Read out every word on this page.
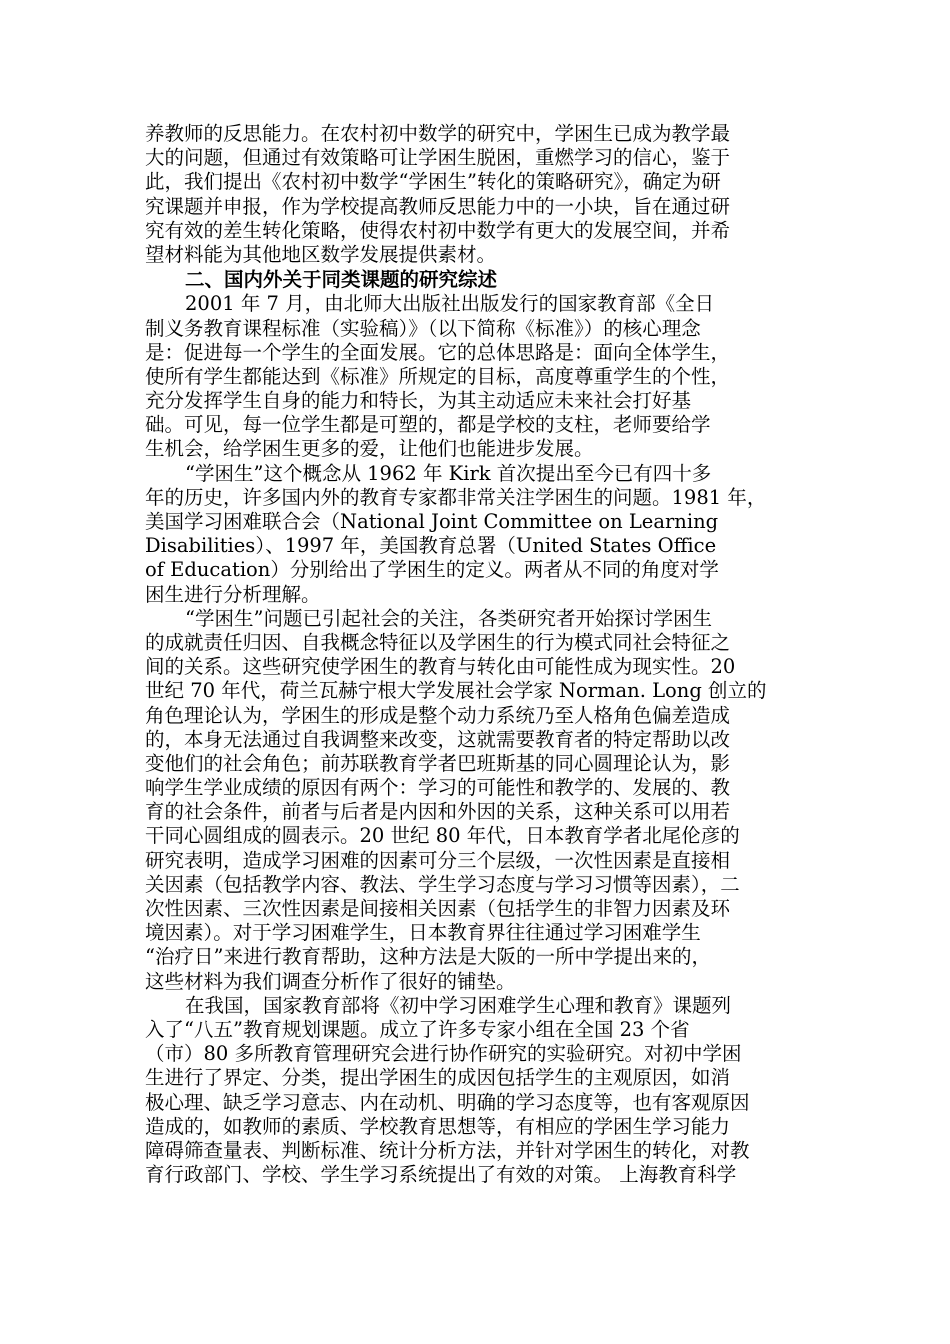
养教师的反思能力。在农村初中数学的研究中，学困生已成为教学最
大的问题，但通过有效策略可让学困生脱困，重燃学习的信心，鉴于
此，我们提出《农村初中数学“学困生”转化的策略研究》，确定为研
究课题并申报，作为学校提高教师反思能力中的一小块，旨在通过研
究有效的差生转化策略，使得农村初中数学有更大的发展空间，并希
望材料能为其他地区数学发展提供素材。
二、国内外关于同类课题的研究综述
2001 年 7 月，由北师大出版社出版发行的国家教育部《全日
制义务教育课程标准（实验稿）》（以下简称《标准》）的核心理念
是：促进每一个学生的全面发展。它的总体思路是：面向全体学生，
使所有学生都能达到《标准》所规定的目标，高度尊重学生的个性，
充分发挥学生自身的能力和特长，为其主动适应未来社会打好基
础。可见，每一位学生都是可塑的，都是学校的支柱，老师要给学
生机会，给学困生更多的爱，让他们也能进步发展。
“学困生”这个概念从 1962 年 Kirk 首次提出至今已有四十多
年的历史，许多国内外的教育专家都非常关注学困生的问题。1981 年，
美国学习困难联合会（National Joint Committee on Learning
Disabilities）、1997 年，美国教育总署（United States Office
of Education）分别给出了学困生的定义。两者从不同的角度对学
困生进行分析理解。
“学困生”问题已引起社会的关注，各类研究者开始探讨学困生
的成就责任归因、自我概念特征以及学困生的行为模式同社会特征之
间的关系。这些研究使学困生的教育与转化由可能性成为现实性。20
世纪 70 年代，荷兰瓦赫宁根大学发展社会学家 Norman. Long 创立的
角色理论认为，学困生的形成是整个动力系统乃至人格角色偏差造成
的，本身无法通过自我调整来改变，这就需要教育者的特定帮助以改
变他们的社会角色；前苏联教育学者巴班斯基的同心圆理论认为，影
响学生学业成绩的原因有两个：学习的可能性和教学的、发展的、教
育的社会条件，前者与后者是内因和外因的关系，这种关系可以用若
干同心圆组成的圆表示。20 世纪 80 年代，日本教育学者北尾伦彦的
研究表明，造成学习困难的因素可分三个层级，一次性因素是直接相
关因素（包括教学内容、教法、学生学习态度与学习习惯等因素），二
次性因素、三次性因素是间接相关因素（包括学生的非智力因素及环
境因素）。对于学习困难学生，日本教育界往往通过学习困难学生
“治疗日”来进行教育帮助，这种方法是大阪的一所中学提出来的，
这些材料为我们调查分析作了很好的铺垫。
在我国，国家教育部将《初中学习困难学生心理和教育》课题列
入了“八五”教育规划课题。成立了许多专家小组在全国 23 个省
（市）80 多所教育管理研究会进行协作研究的实验研究。对初中学困
生进行了界定、分类，提出学困生的成因包括学生的主观原因，如消
极心理、缺乏学习意志、内在动机、明确的学习态度等，也有客观原因
造成的，如教师的素质、学校教育思想等，有相应的学困生学习能力
障碍筛查量表、判断标准、统计分析方法，并针对学困生的转化，对教
育行政部门、学校、学生学习系统提出了有效的对策。 上海教育科学
